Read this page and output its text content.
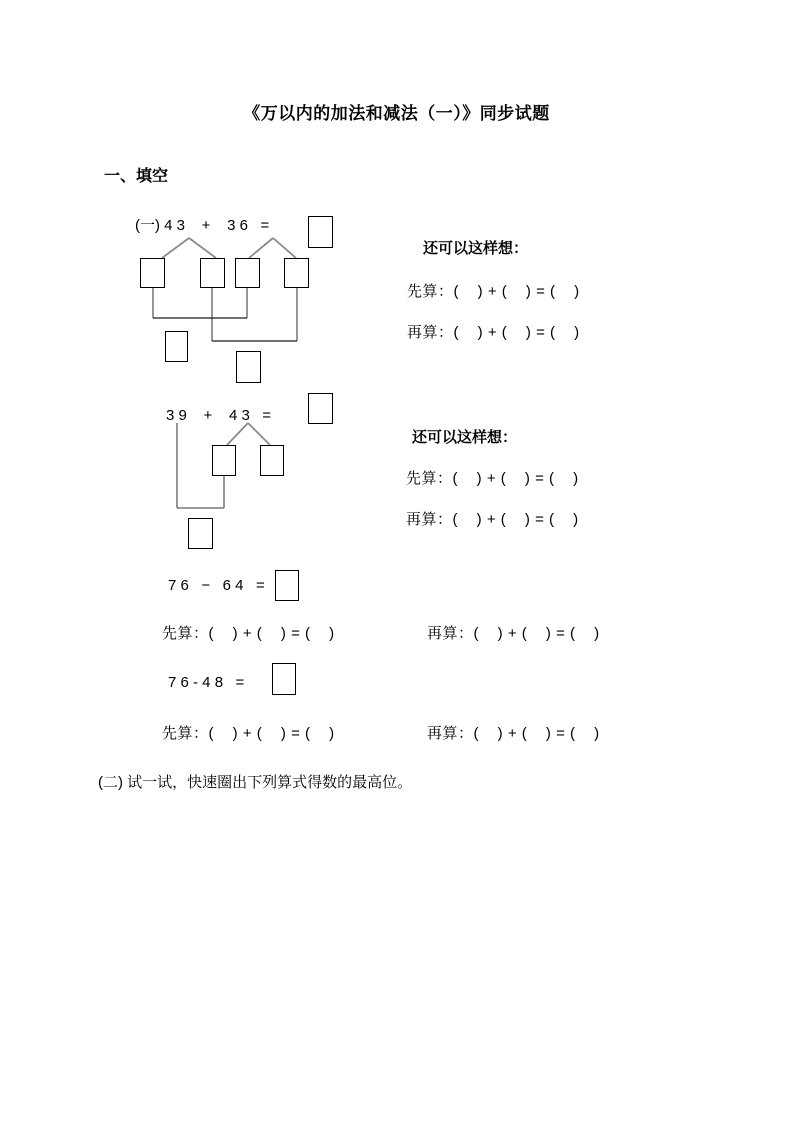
《万以内的加法和减法（一）》同步试题
一、填空
(一) 4 3    +    3 6   =
还可以这样想：
先算：(    ) + (    ) = (    )
再算：(    ) + (    ) = (    )
3 9    +    4 3   =
还可以这样想：
先算：(    ) + (    ) = (    )
再算：(    ) + (    ) = (    )
7 6   −   6 4   =
先算：(    ) + (    ) = (    )	再算：(    ) + (    ) = (    )
7 6 - 4 8   =
先算：(    ) + (    ) = (    )	再算：(    ) + (    ) = (    )
(二) 试一试，快速圈出下列算式得数的最高位。
